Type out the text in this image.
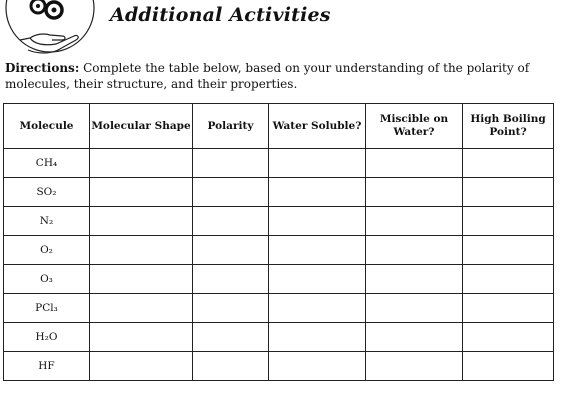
Additional Activities
Directions: Complete the table below, based on your understanding of the polarity of molecules, their structure, and their properties.
Molecule	Molecular Shape	Polarity	Water Soluble?	Miscible on Water?	High Boiling Point?
CH₄					
SO₂					
N₂					
O₂					
O₃					
PCl₃					
H₂O					
HF					
